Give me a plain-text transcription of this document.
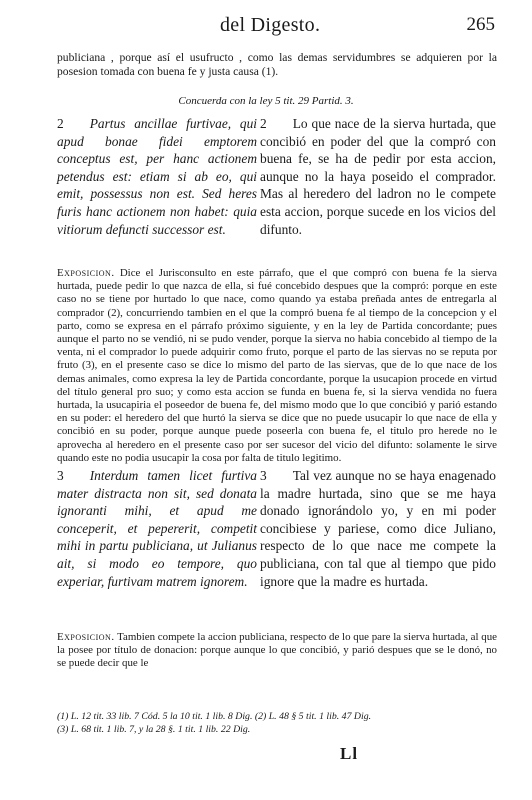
del Digesto.	265

publiciana , porque así el usufructo , como las demas servidumbres se adquieren por la posesion tomada con buena fe y justa causa (1).

Concuerda con la ley 5 tit. 29 Partid. 3.
2 Partus ancillae furtivae, qui apud bonae fidei emptorem conceptus est, per hanc actionem petendus est: etiam si ab eo, qui emit, possessus non est. Sed heres furis hanc actionem non habet: quia vitiorum defuncti successor est.
2 Lo que nace de la sierva hurtada, que concibió en poder del que la compró con buena fe, se ha de pedir por esta accion, aunque no la haya poseido el comprador. Mas al heredero del ladron no le compete esta accion, porque sucede en los vicios del difunto.
Exposicion. Dice el Jurisconsulto en este párrafo, que el que compró con buena fe la sierva hurtada, puede pedir lo que nazca de ella, si fué concebido despues que la compró: porque en este caso no se tiene por hurtado lo que nace, como quando ya estaba preñada antes de entregarla al comprador (2), concurriendo tambien en el que la compró buena fe al tiempo de la concepcion y el parto, como se expresa en el párrafo próximo siguiente, y en la ley de Partida concordante; pues aunque el parto no se vendió, ni se pudo vender, porque la sierva no habia concebido al tiempo de la venta, ni el comprador lo puede adquirir como fruto, porque el parto de las siervas no se reputa por fruto (3), en el presente caso se dice lo mismo del parto de las siervas, que de lo que nace de los demas animales, como expresa la ley de Partida concordante, porque la usucapion procede en virtud del título general pro suo; y como esta accion se funda en buena fe, si la sierva vendida no fuera hurtada, la usucapiria el poseedor de buena fe, del mismo modo que lo que concibió y parió estando en su poder: el heredero del que hurtó la sierva se dice que no puede usucapir lo que nace de ella y concibió en su poder, porque aunque puede poseerla con buena fe, el titulo pro herede no le aprovecha al heredero en el presente caso por ser sucesor del vicio del difunto: solamente le sirve quando este no podia usucapir la cosa por falta de titulo legitimo.
3 Interdum tamen licet furtiva mater distracta non sit, sed donata ignoranti mihi, et apud me conceperit, et pepererit, competit mihi in partu publiciana, ut Julianus ait, si modo eo tempore, quo experiar, furtivam matrem ignorem.
3 Tal vez aunque no se haya enagenado la madre hurtada, sino que se me haya donado ignorándolo yo, y en mi poder concibiese y pariese, como dice Juliano, respecto de lo que nace me compete la publiciana, con tal que al tiempo que pido ignore que la madre es hurtada.
Exposicion. Tambien compete la accion publiciana, respecto de lo que pare la sierva hurtada, al que la posee por título de donacion: porque aunque lo que concibió, y parió despues que se le donó, no se puede decir que le
(1) L. 12 tit. 33 lib. 7 Cód. 5 la 10 tit. 1 lib. 8 Dig. (2) L. 48 § 5 tit. 1 lib. 47 Dig.
(3) L. 68 tit. 1 lib. 7, y la 28 §. 1 tit. 1 lib. 22 Dig.
Ll
